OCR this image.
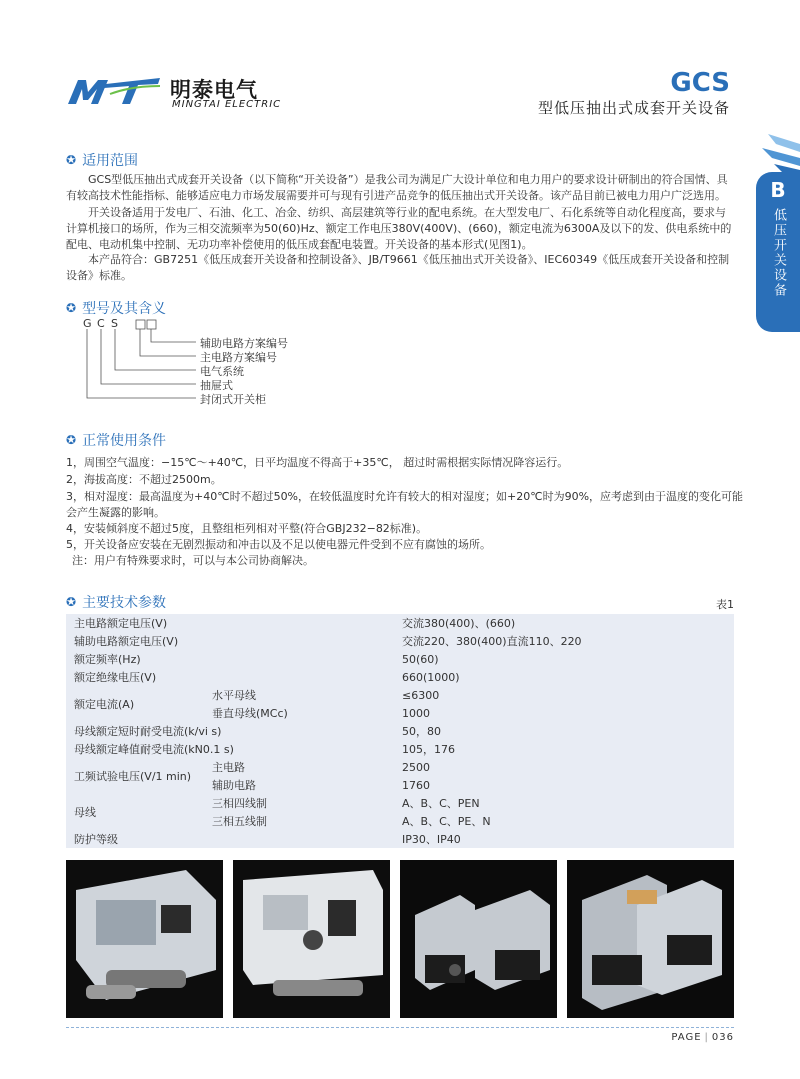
明泰电气
MINGTAI ELECTRIC
GCS
型低压抽出式成套开关设备
B
低压开关设备
✪ 适用范围
GCS型低压抽出式成套开关设备（以下简称“开关设备”）是我公司为满足广大设计单位和电力用户的要求设计研制出的符合国情、具有较高技术性能指标、能够适应电力市场发展需要并可与现有引进产品竞争的低压抽出式开关设备。该产品目前已被电力用户广泛选用。
开关设备适用于发电厂、石油、化工、冶金、纺织、高层建筑等行业的配电系统。在大型发电厂、石化系统等自动化程度高，要求与计算机接口的场所，作为三相交流频率为50(60)Hz、额定工作电压380V(400V)、(660)，额定电流为6300A及以下的发、供电系统中的配电、电动机集中控制、无功功率补偿使用的低压成套配电装置。开关设备的基本形式(见图1)。
本产品符合：GB7251《低压成套开关设备和控制设备》、JB/T9661《低压抽出式开关设备》、IEC60349《低压成套开关设备和控制设备》标准。
✪ 型号及其含义
G C S
辅助电路方案编号
主电路方案编号
电气系统
抽屉式
封闭式开关柜
✪ 正常使用条件
1，周围空气温度：−15℃～+40℃，日平均温度不得高于+35℃， 超过时需根据实际情况降容运行。
2，海拔高度：不超过2500m。
3，相对湿度：最高温度为+40℃时不超过50%，在较低温度时允许有较大的相对湿度；如+20℃时为90%，应考虑到由于温度的变化可能会产生凝露的影响。
4，安装倾斜度不超过5度，且整组柜列相对平整(符合GBJ232−82标准)。
5，开关设备应安装在无剧烈振动和冲击以及不足以使电器元件受到不应有腐蚀的场所。
注：用户有特殊要求时，可以与本公司协商解决。
✪ 主要技术参数	表1
主电路额定电压(V)		交流380(400)、(660)
辅助电路额定电压(V)		交流220、380(400)直流110、220
额定频率(Hz)		50(60)
额定绝缘电压(V)		660(1000)
额定电流(A)	水平母线	≤6300
	垂直母线(MCc)	1000
母线额定短时耐受电流(k/vi s)		50，80
母线额定峰值耐受电流(kN0.1 s)		105，176
工频试验电压(V/1 min)	主电路	2500
	辅助电路	1760
母线	三相四线制	A、B、C、PEN
	三相五线制	A、B、C、PE、N
防护等级		IP30、IP40
PAGE | 036
